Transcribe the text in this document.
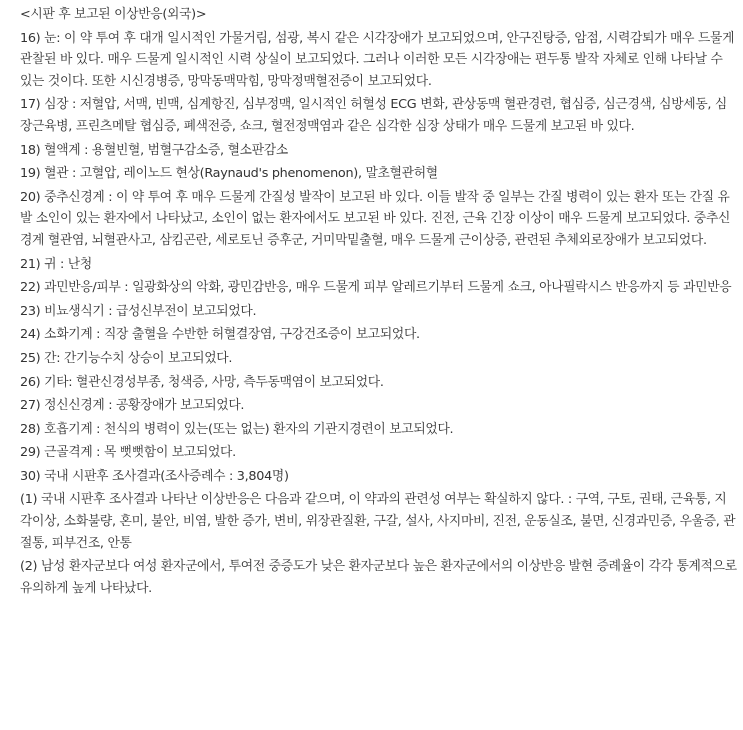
<시판 후 보고된 이상반응(외국)>

16) 눈: 이 약 투여 후 대개 일시적인 가물거림, 섬광, 복시 같은 시각장애가 보고되었으며, 안구진탕증, 암점, 시력감퇴가 매우 드물게 관찰된 바 있다. 매우 드물게 일시적인 시력 상실이 보고되었다. 그러나 이러한 모든 시각장애는 편두통 발작 자체로 인해 나타날 수 있는 것이다. 또한 시신경병증, 망막동맥막힘, 망막정맥혈전증이 보고되었다.

17) 심장 : 저혈압, 서맥, 빈맥, 심계항진, 심부정맥, 일시적인 허혈성 ECG 변화, 관상동맥 혈관경련, 협심증, 심근경색, 심방세동, 심장근육병, 프린츠메탈 협심증, 폐색전증, 쇼크, 혈전정맥염과 같은 심각한 심장 상태가 매우 드물게 보고된 바 있다.

18) 혈액계 : 용혈빈혈, 범혈구감소증, 혈소판감소

19) 혈관 : 고혈압, 레이노드 현상(Raynaud's phenomenon), 말초혈관허혈

20) 중추신경계 : 이 약 투여 후 매우 드물게 간질성 발작이 보고된 바 있다. 이들 발작 중 일부는 간질 병력이 있는 환자 또는 간질 유발 소인이 있는 환자에서 나타났고, 소인이 없는 환자에서도 보고된 바 있다. 진전, 근육 긴장 이상이 매우 드물게 보고되었다. 중추신경계 혈관염, 뇌혈관사고, 삼킴곤란, 세로토닌 증후군, 거미막밑출혈, 매우 드물게 근이상증, 관련된 추체외로장애가 보고되었다.

21) 귀 : 난청

22) 과민반응/피부 : 일광화상의 악화, 광민감반응, 매우 드물게 피부 알레르기부터 드물게 쇼크, 아나필락시스 반응까지 등 과민반응

23) 비뇨생식기 : 급성신부전이 보고되었다.

24) 소화기계 : 직장 출혈을 수반한 허혈결장염, 구강건조증이 보고되었다.

25) 간: 간기능수치 상승이 보고되었다.

26) 기타: 혈관신경성부종, 청색증, 사망, 측두동맥염이 보고되었다.

27) 정신신경계 : 공황장애가 보고되었다.

28) 호흡기계 : 천식의 병력이 있는(또는 없는) 환자의 기관지경련이 보고되었다.

29) 근골격계 : 목 뻣뻣함이 보고되었다.

30) 국내 시판후 조사결과(조사증례수 : 3,804명)

(1) 국내 시판후 조사결과 나타난 이상반응은 다음과 같으며, 이 약과의 관련성 여부는 확실하지 않다. : 구역, 구토, 권태, 근육통, 지각이상, 소화불량, 혼미, 불안, 비염, 발한 증가, 변비, 위장관질환, 구갈, 설사, 사지마비, 진전, 운동실조, 불면, 신경과민증, 우울증, 관절통, 피부건조, 안통

(2) 남성 환자군보다 여성 환자군에서, 투여전 중증도가 낮은 환자군보다 높은 환자군에서의 이상반응 발현 증례율이 각각 통계적으로 유의하게 높게 나타났다.
